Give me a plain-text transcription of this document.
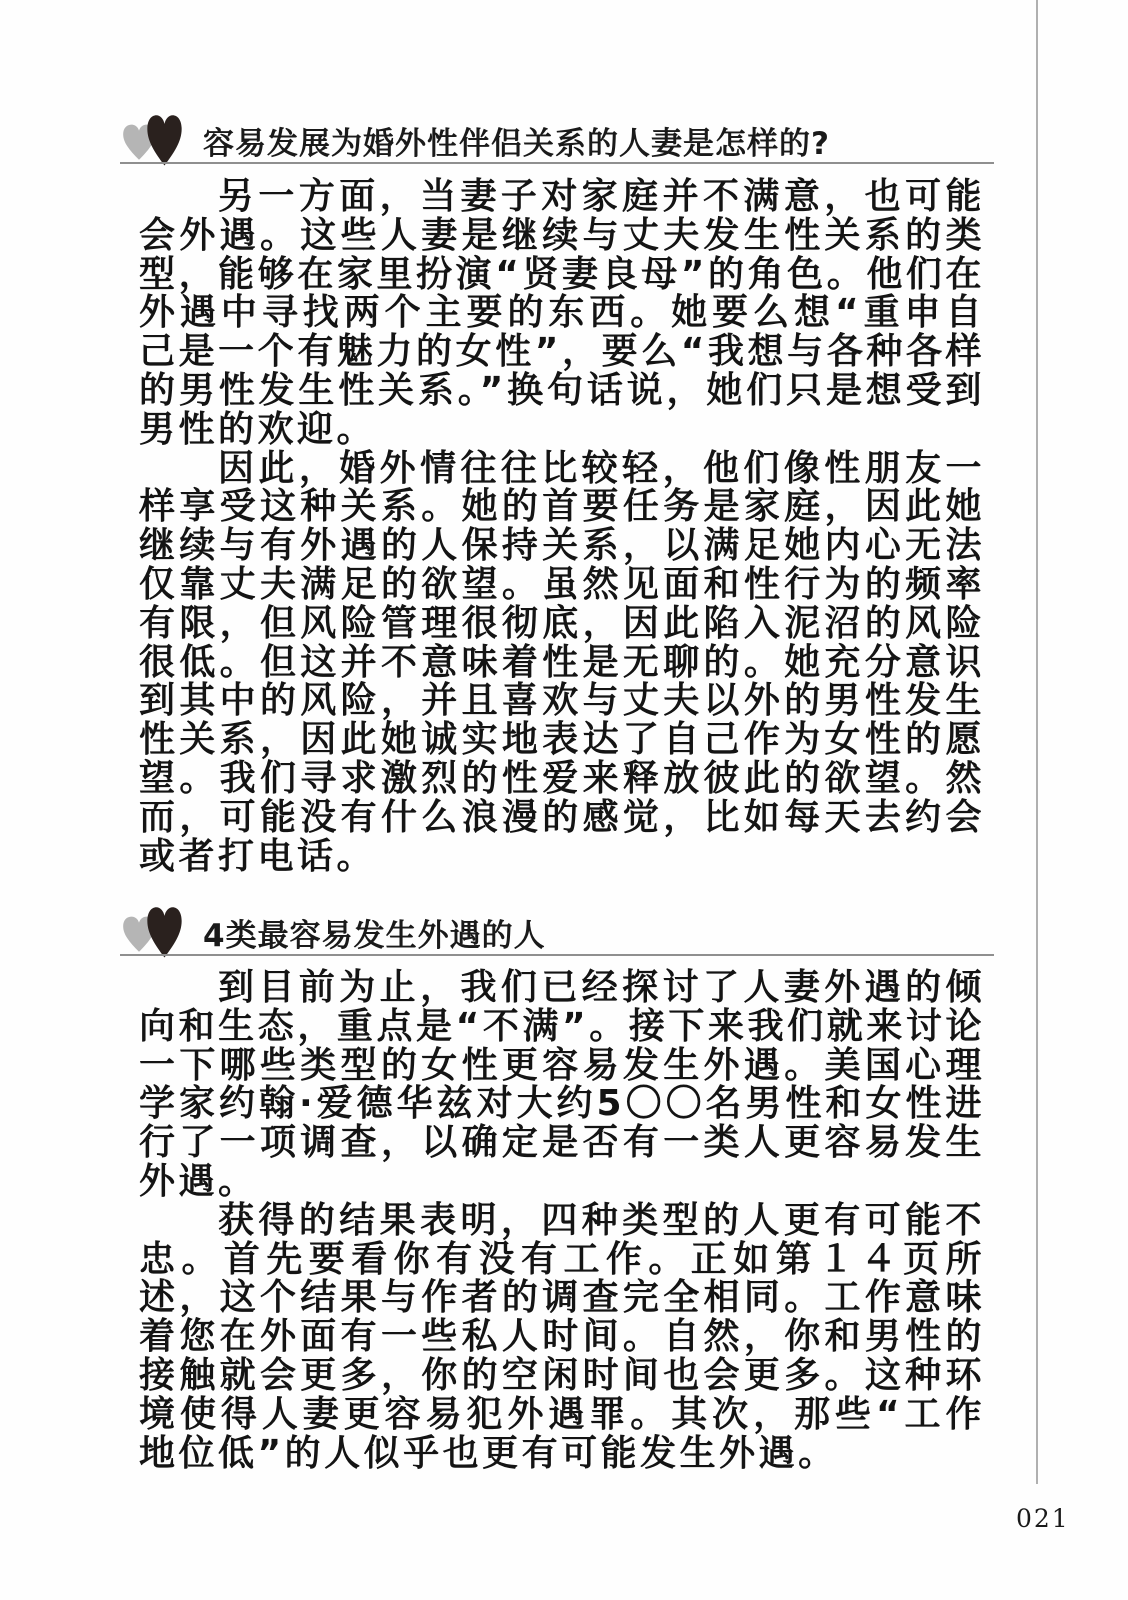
容易发展为婚外性伴侣关系的人妻是怎样的?

另一方面，当妻子对家庭并不满意，也可能会外遇。这些人妻是继续与丈夫发生性关系的类型，能够在家里扮演“贤妻良母”的角色。他们在外遇中寻找两个主要的东西。她要么想“重申自己是一个有魅力的女性”，要么“我想与各种各样的男性发生性关系。”换句话说，她们只是想受到男性的欢迎。

因此，婚外情往往比较轻，他们像性朋友一样享受这种关系。她的首要任务是家庭，因此她继续与有外遇的人保持关系，以满足她内心无法仅靠丈夫满足的欲望。虽然见面和性行为的频率有限，但风险管理很彻底，因此陷入泥沼的风险很低。但这并不意味着性是无聊的。她充分意识到其中的风险，并且喜欢与丈夫以外的男性发生性关系，因此她诚实地表达了自己作为女性的愿望。我们寻求激烈的性爱来释放彼此的欲望。然而，可能没有什么浪漫的感觉，比如每天去约会或者打电话。

4类最容易发生外遇的人

到目前为止，我们已经探讨了人妻外遇的倾向和生态，重点是“不满”。接下来我们就来讨论一下哪些类型的女性更容易发生外遇。美国心理学家约翰·爱德华兹对大约5〇〇名男性和女性进行了一项调查，以确定是否有一类人更容易发生外遇。

获得的结果表明，四种类型的人更有可能不忠。首先要看你有没有工作。正如第１４页所述，这个结果与作者的调查完全相同。工作意味着您在外面有一些私人时间。自然，你和男性的接触就会更多，你的空闲时间也会更多。这种环境使得人妻更容易犯外遇罪。其次，那些“工作地位低”的人似乎也更有可能发生外遇。

021
